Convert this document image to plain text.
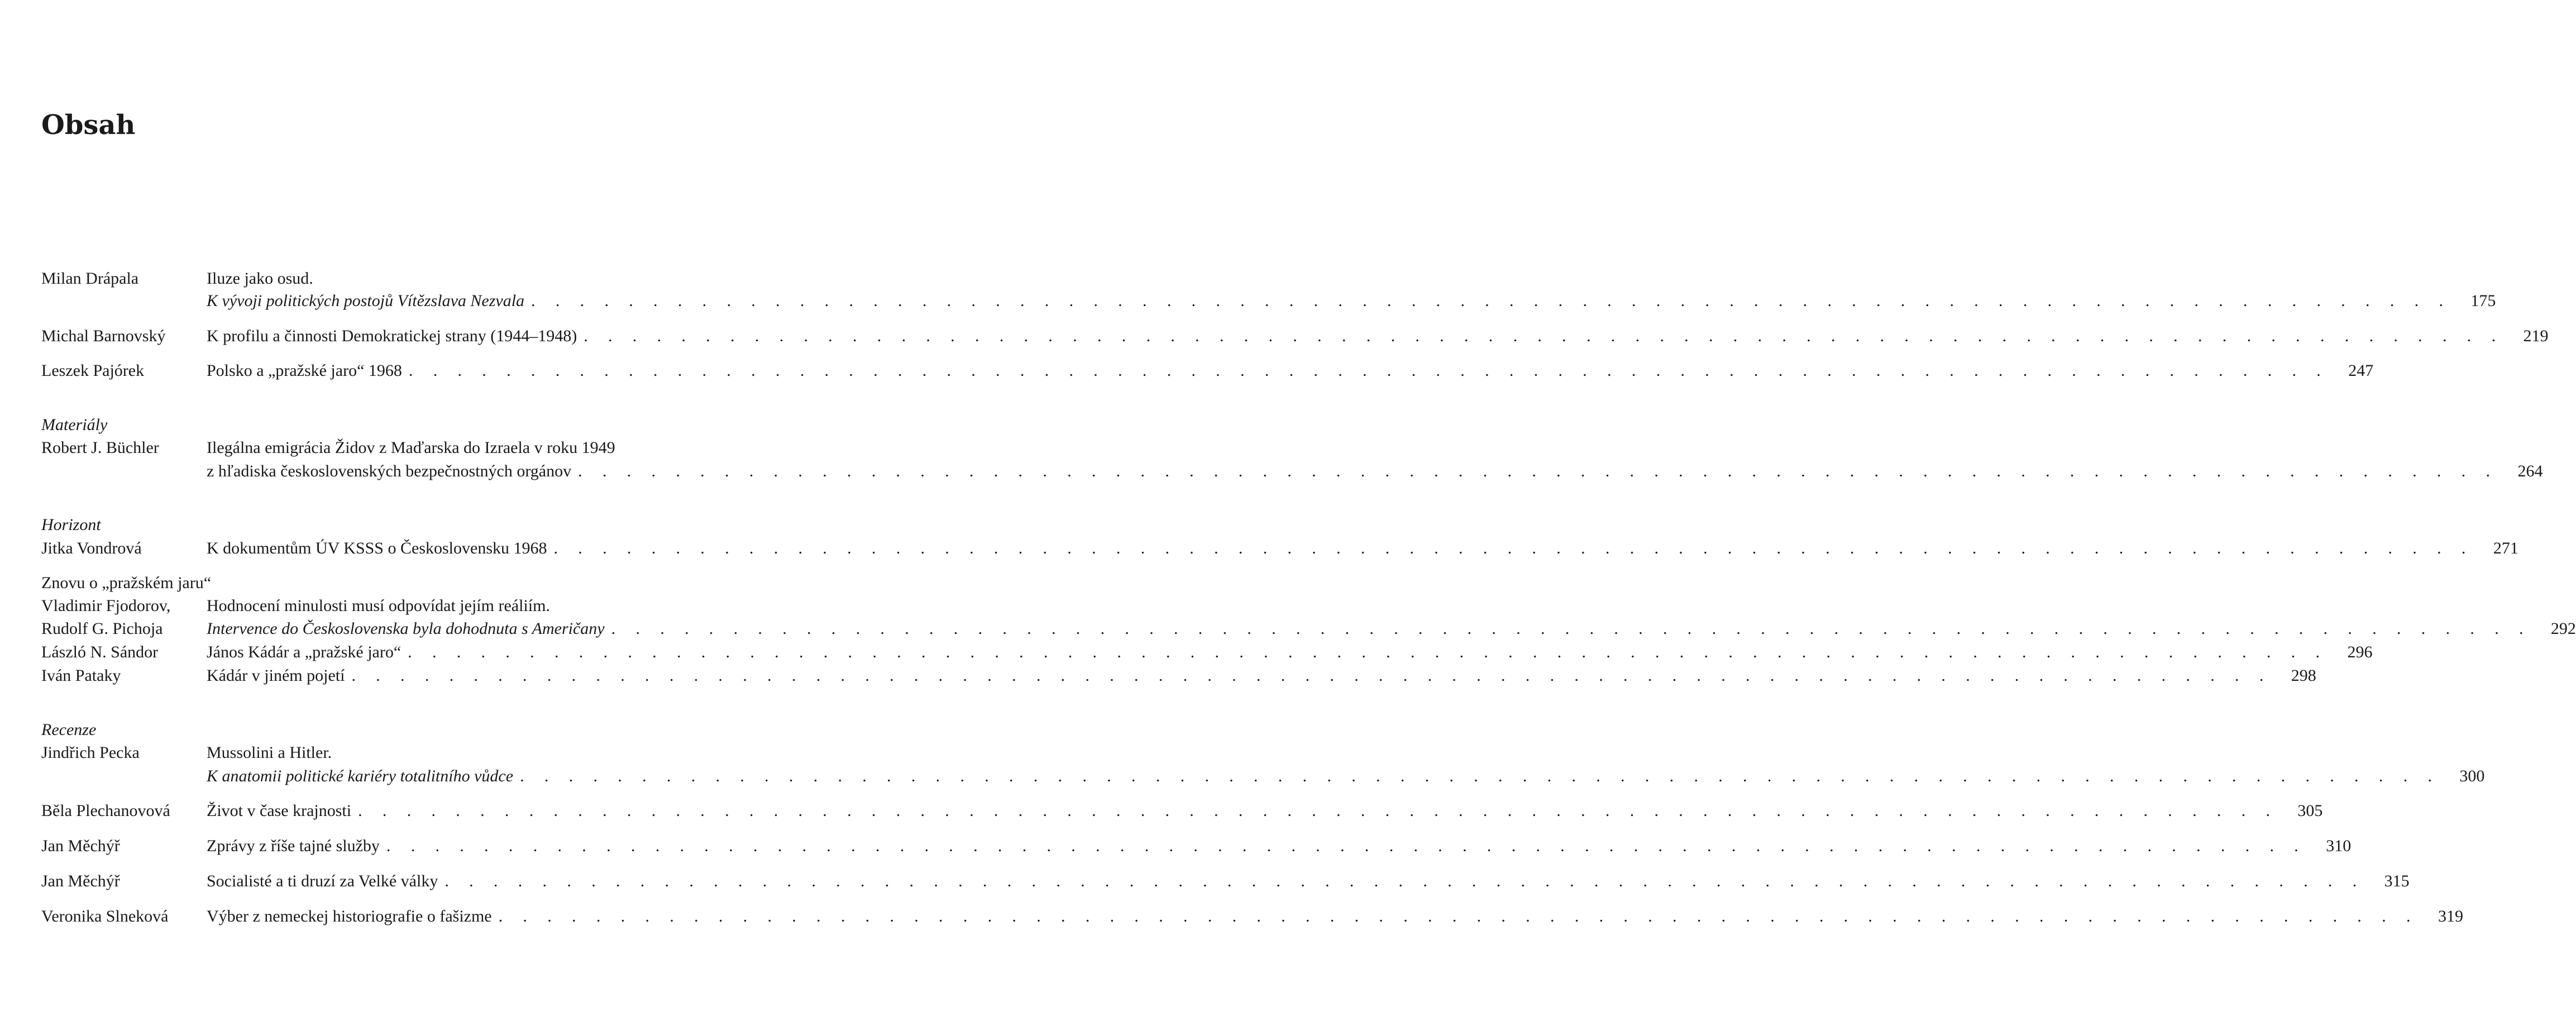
Obsah
Milan Drápala	Iluze jako osud.
K vývoji politických postojů Vítězslava Nezvala . . . . . . . . . . . . . . . . . . . . . . . . . . . . . . . . . . . . . . . . . . . . . . . . . . . . . . . . . . . . . . . . . . . . . . . . . . . . . . .	175
Michal Barnovský K profilu a činnosti Demokratickej strany (1944–1948) . . . . . . . . . . . . . . . . . . . . . . . . . . . . . . . . . . . . . . . . . . . . . . . . . . . . . . . . . . . . . . . . . . . . . . . . . . . . . . .	219
Leszek Pajórek	Polsko a „pražské jaro“ 1968 . . . . . . . . . . . . . . . . . . . . . . . . . . . . . . . . . . . . . . . . . . . . . . . . . . . . . . . . . . . . . . . . . . . . . . . . . . . . . . .	247
Materiály
Robert J. Büchler	Ilegálna emigrácia Židov z Maďarska do Izraela v roku 1949
z hľadiska československých bezpečnostných orgánov . . . . . . . . . . . . . . . . . . . . . . . . . . . . . . . . . . . . . . . . . . . . . . . . . . . . . . . . . . . . . . . . . . . . . . . . . . . . . . .	264
Horizont
Jitka Vondrová	K dokumentům ÚV KSSS o Československu 1968 . . . . . . . . . . . . . . . . . . . . . . . . . . . . . . . . . . . . . . . . . . . . . . . . . . . . . . . . . . . . . . . . . . . . . . . . . . . . . . .	271
Znovu o „pražském jaru“
Vladimir Fjodorov, Hodnocení minulosti musí odpovídat jejím reáliím.
Rudolf G. Pichoja	Intervence do Československa byla dohodnuta s Američany . . . . . . . . . . . . . . . . . . . . . . . . . . . . . . . . . . . . . . . . . . . . . . . . . . . . . . . . . . . . . . . . . . . . . . . . . . . . . . .	292
László N. Sándor	János Kádár a „pražské jaro“ . . . . . . . . . . . . . . . . . . . . . . . . . . . . . . . . . . . . . . . . . . . . . . . . . . . . . . . . . . . . . . . . . . . . . . . . . . . . . . .	296
Iván Pataky	Kádár v jiném pojetí . . . . . . . . . . . . . . . . . . . . . . . . . . . . . . . . . . . . . . . . . . . . . . . . . . . . . . . . . . . . . . . . . . . . . . . . . . . . . . .	298
Recenze
Jindřich Pecka	Mussolini a Hitler.
K anatomii politické kariéry totalitního vůdce . . . . . . . . . . . . . . . . . . . . . . . . . . . . . . . . . . . . . . . . . . . . . . . . . . . . . . . . . . . . . . . . . . . . . . . . . . . . . . .	300
Běla Plechanovová Život v čase krajnosti . . . . . . . . . . . . . . . . . . . . . . . . . . . . . . . . . . . . . . . . . . . . . . . . . . . . . . . . . . . . . . . . . . . . . . . . . . . . . . .	305
Jan Měchýř	Zprávy z říše tajné služby . . . . . . . . . . . . . . . . . . . . . . . . . . . . . . . . . . . . . . . . . . . . . . . . . . . . . . . . . . . . . . . . . . . . . . . . . . . . . . .	310
Jan Měchýř	Socialisté a ti druzí za Velké války . . . . . . . . . . . . . . . . . . . . . . . . . . . . . . . . . . . . . . . . . . . . . . . . . . . . . . . . . . . . . . . . . . . . . . . . . . . . . . .	315
Veronika Slneková Výber z nemeckej historiografie o fašizme . . . . . . . . . . . . . . . . . . . . . . . . . . . . . . . . . . . . . . . . . . . . . . . . . . . . . . . . . . . . . . . . . . . . . . . . . . . . . . .	319
